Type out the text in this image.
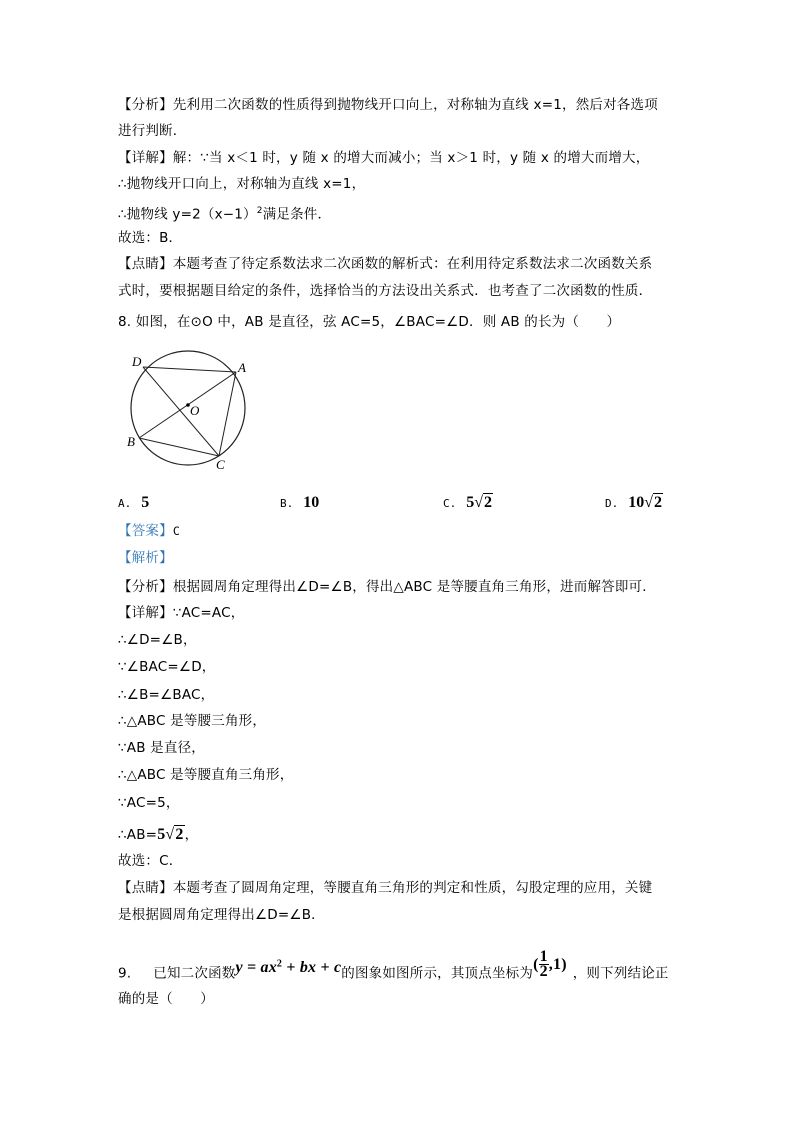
【分析】先利用二次函数的性质得到抛物线开口向上，对称轴为直线 x=1，然后对各选项
进行判断．
【详解】解：∵当 x＜1 时，y 随 x 的增大而减小；当 x＞1 时，y 随 x 的增大而增大，
∴抛物线开口向上，对称轴为直线 x=1，
∴抛物线 $y=2(x-1)^2$满足条件．
故选：B．
【点睛】本题考查了待定系数法求二次函数的解析式：在利用待定系数法求二次函数关系
式时，要根据题目给定的条件，选择恰当的方法设出关系式．也考查了二次函数的性质．
8. 如图，在⊙O 中，AB 是直径，弦 AC=5，∠BAC=∠D．则 AB 的长为（　　）
D	A
O
B
C
A. 5	B. 10	C. 5√2	D. 10√2
【答案】C
【解析】
【分析】根据圆周角定理得出∠D=∠B，得出△ABC 是等腰直角三角形，进而解答即可．
【详解】∵AC=AC，
∴∠D=∠B，
∵∠BAC=∠D，
∴∠B=∠BAC，
∴△ABC 是等腰三角形，
∵AB 是直径，
∴△ABC 是等腰直角三角形，
∵AC=5，
∴AB=5√2，
故选：C．
【点睛】本题考查了圆周角定理，等腰直角三角形的判定和性质，勾股定理的应用，关键
是根据圆周角定理得出∠D=∠B．
9. 已知二次函数$y = ax^2$ + bx + c的图象如图所示，其顶点坐标为( $\frac{1}{2} ,1$)，则下列结论正
确的是（　　）
